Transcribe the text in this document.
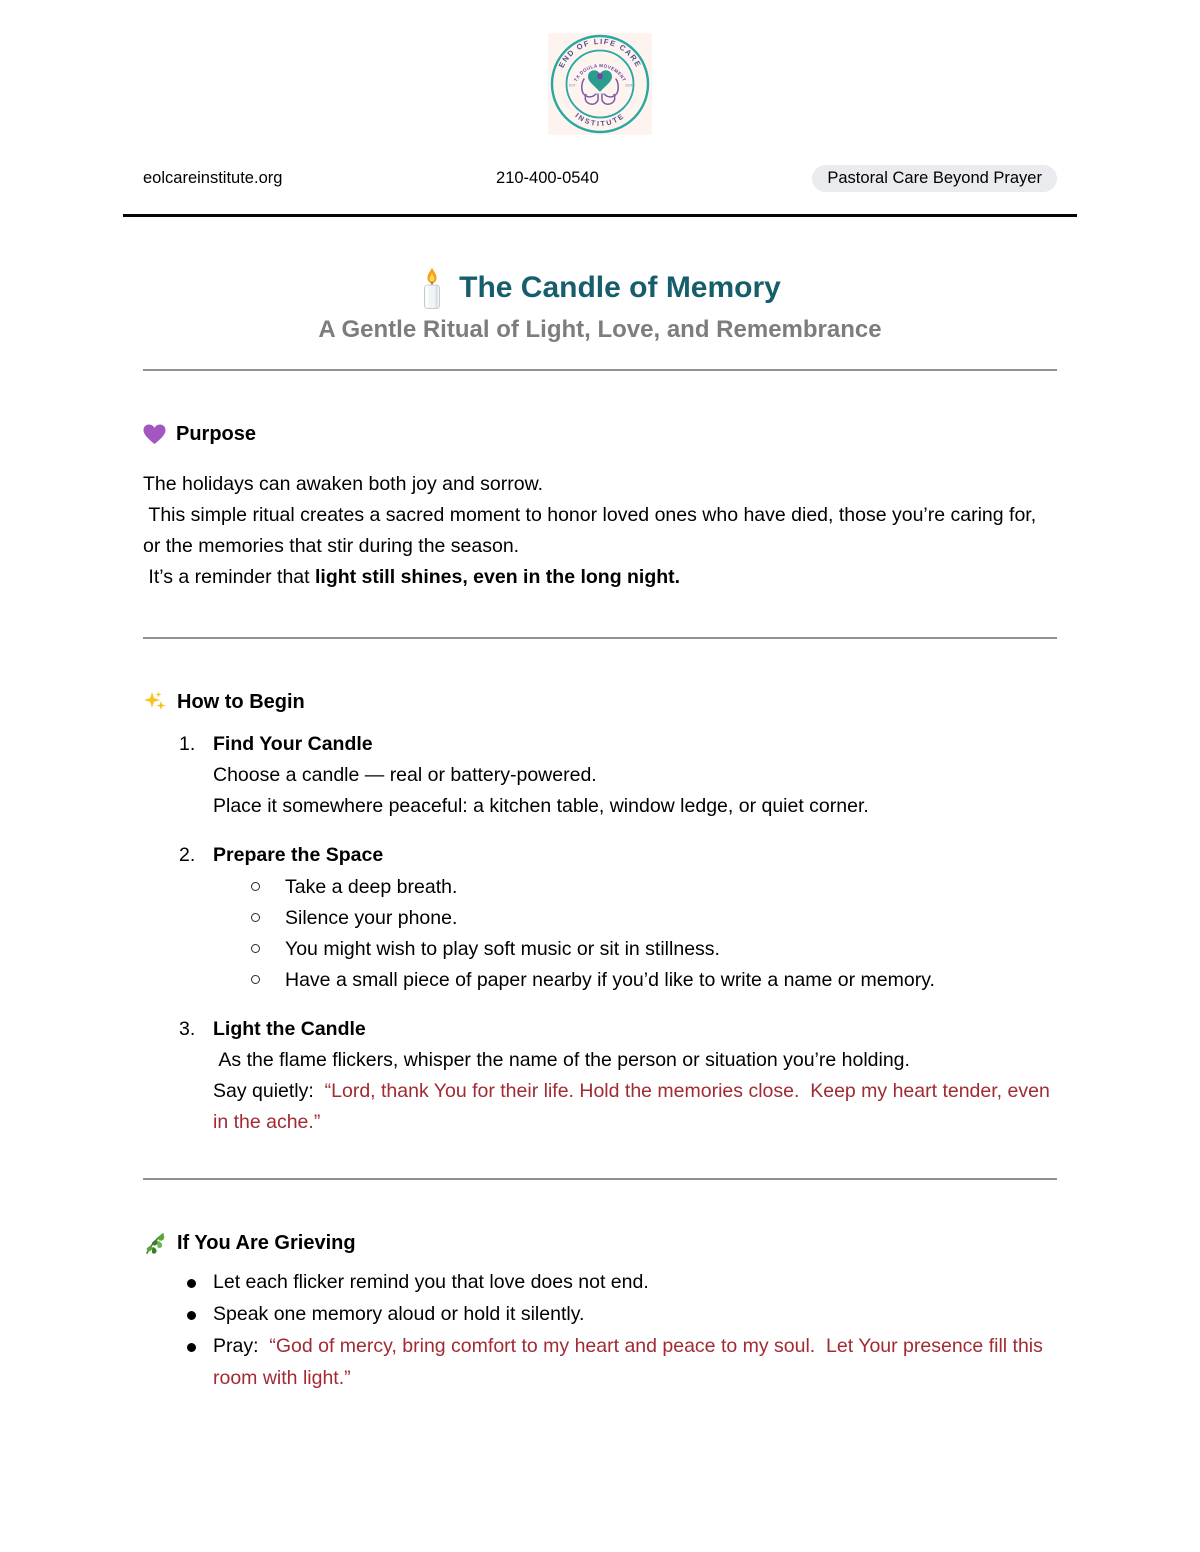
END OF LIFE CARE
INSTITUTE
TX DOULA MOVEMENT
EST.	2024
eolcareinstitute.org	210-400-0540	Pastoral Care Beyond Prayer
The Candle of Memory
A Gentle Ritual of Light, Love, and Remembrance
Purpose
The holidays can awaken both joy and sorrow.
This simple ritual creates a sacred moment to honor loved ones who have died, those you’re caring for, or the memories that stir during the season.
It’s a reminder that light still shines, even in the long night.
How to Begin
1. Find Your Candle
Choose a candle — real or battery-powered.
Place it somewhere peaceful: a kitchen table, window ledge, or quiet corner.
2. Prepare the Space
Take a deep breath.
Silence your phone.
You might wish to play soft music or sit in stillness.
Have a small piece of paper nearby if you’d like to write a name or memory.
3. Light the Candle
As the flame flickers, whisper the name of the person or situation you’re holding.
Say quietly:  “Lord, thank You for their life. Hold the memories close.  Keep my heart tender, even in the ache.”
If You Are Grieving
Let each flicker remind you that love does not end.
Speak one memory aloud or hold it silently.
Pray:  “God of mercy, bring comfort to my heart and peace to my soul.  Let Your presence fill this room with light.”
